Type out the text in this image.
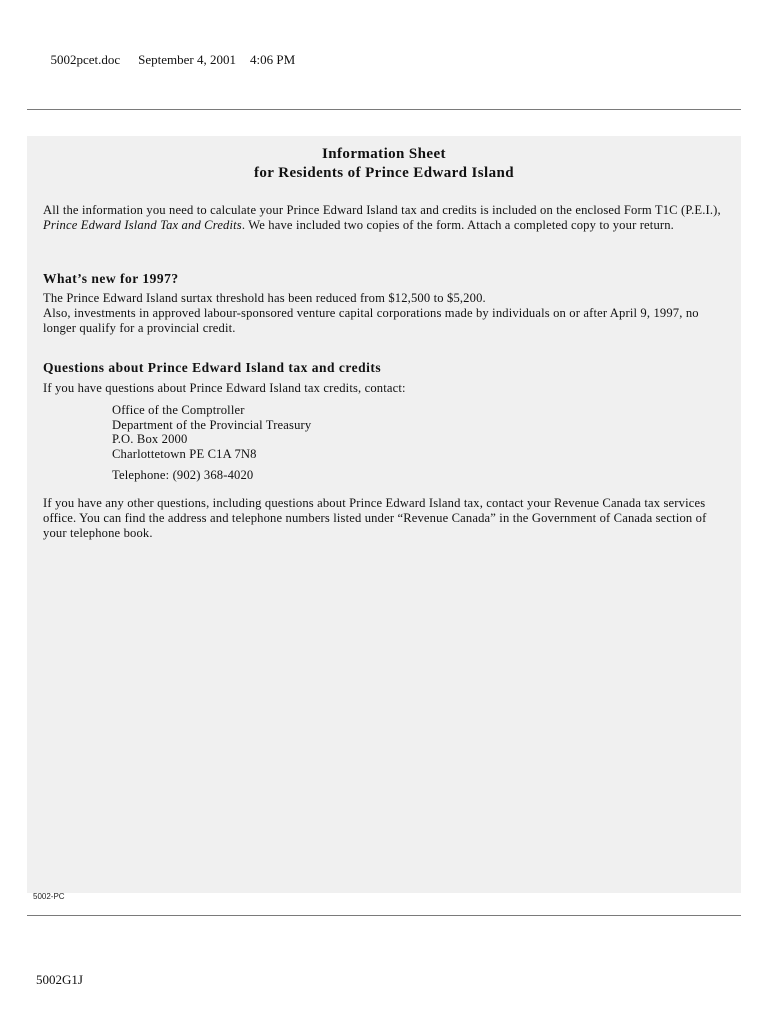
5002pcet.doc September 4, 2001 4:06 PM

Information Sheet
for Residents of Prince Edward Island
All the information you need to calculate your Prince Edward Island tax and credits is included on the enclosed Form T1C (P.E.I.), Prince Edward Island Tax and Credits. We have included two copies of the form. Attach a completed copy to your return.
What’s new for 1997?
The Prince Edward Island surtax threshold has been reduced from $12,500 to $5,200.
Also, investments in approved labour-sponsored venture capital corporations made by individuals on or after April 9, 1997, no longer qualify for a provincial credit.
Questions about Prince Edward Island tax and credits
If you have questions about Prince Edward Island tax credits, contact:
Office of the Comptroller
Department of the Provincial Treasury
P.O. Box 2000
Charlottetown PE C1A 7N8
Telephone: (902) 368-4020
If you have any other questions, including questions about Prince Edward Island tax, contact your Revenue Canada tax services office. You can find the address and telephone numbers listed under “Revenue Canada” in the Government of Canada section of your telephone book.
5002-PC
5002G1J
